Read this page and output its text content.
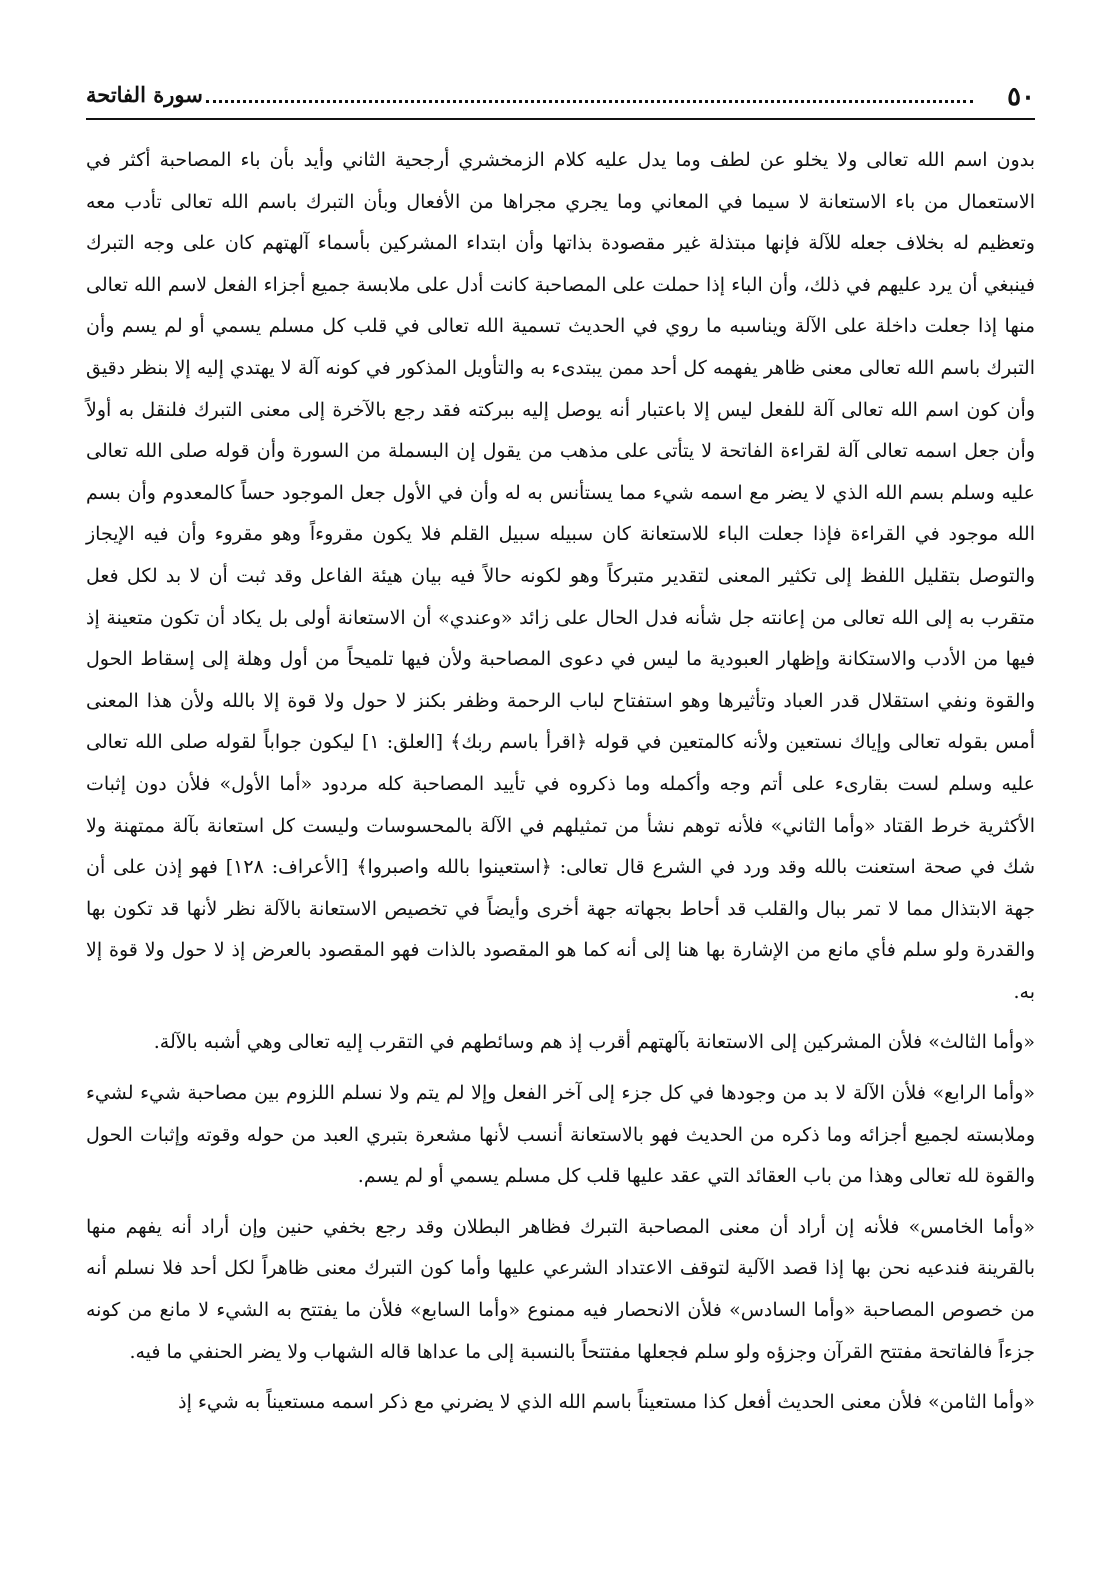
٥٠
سورة الفاتحة

بدون اسم الله تعالى ولا يخلو عن لطف وما يدل عليه كلام الزمخشري أرجحية الثاني وأيد بأن باء المصاحبة أكثر في الاستعمال من باء الاستعانة لا سيما في المعاني وما يجري مجراها من الأفعال وبأن التبرك باسم الله تعالى تأدب معه وتعظيم له بخلاف جعله للآلة فإنها مبتذلة غير مقصودة بذاتها وأن ابتداء المشركين بأسماء آلهتهم كان على وجه التبرك فينبغي أن يرد عليهم في ذلك، وأن الباء إذا حملت على المصاحبة كانت أدل على ملابسة جميع أجزاء الفعل لاسم الله تعالى منها إذا جعلت داخلة على الآلة ويناسبه ما روي في الحديث تسمية الله تعالى في قلب كل مسلم يسمي أو لم يسم وأن التبرك باسم الله تعالى معنى ظاهر يفهمه كل أحد ممن يبتدىء به والتأويل المذكور في كونه آلة لا يهتدي إليه إلا بنظر دقيق وأن كون اسم الله تعالى آلة للفعل ليس إلا باعتبار أنه يوصل إليه ببركته فقد رجع بالآخرة إلى معنى التبرك فلنقل به أولاً وأن جعل اسمه تعالى آلة لقراءة الفاتحة لا يتأتى على مذهب من يقول إن البسملة من السورة وأن قوله صلى الله تعالى عليه وسلم بسم الله الذي لا يضر مع اسمه شيء مما يستأنس به له وأن في الأول جعل الموجود حساً كالمعدوم وأن بسم الله موجود في القراءة فإذا جعلت الباء للاستعانة كان سبيله سبيل القلم فلا يكون مقروءاً وهو مقروء وأن فيه الإيجاز والتوصل بتقليل اللفظ إلى تكثير المعنى لتقدير متبركاً وهو لكونه حالاً فيه بيان هيئة الفاعل وقد ثبت أن لا بد لكل فعل متقرب به إلى الله تعالى من إعانته جل شأنه فدل الحال على زائد «وعندي» أن الاستعانة أولى بل يكاد أن تكون متعينة إذ فيها من الأدب والاستكانة وإظهار العبودية ما ليس في دعوى المصاحبة ولأن فيها تلميحاً من أول وهلة إلى إسقاط الحول والقوة ونفي استقلال قدر العباد وتأثيرها وهو استفتاح لباب الرحمة وظفر بكنز لا حول ولا قوة إلا بالله ولأن هذا المعنى أمس بقوله تعالى وإياك نستعين ولأنه كالمتعين في قوله ﴿اقرأ باسم ربك﴾ [العلق: ١] ليكون جواباً لقوله صلى الله تعالى عليه وسلم لست بقارىء على أتم وجه وأكمله وما ذكروه في تأييد المصاحبة كله مردود «أما الأول» فلأن دون إثبات الأكثرية خرط القتاد «وأما الثاني» فلأنه توهم نشأ من تمثيلهم في الآلة بالمحسوسات وليست كل استعانة بآلة ممتهنة ولا شك في صحة استعنت بالله وقد ورد في الشرع قال تعالى: ﴿استعينوا بالله واصبروا﴾ [الأعراف: ١٢٨] فهو إذن على أن جهة الابتذال مما لا تمر ببال والقلب قد أحاط بجهاته جهة أخرى وأيضاً في تخصيص الاستعانة بالآلة نظر لأنها قد تكون بها والقدرة ولو سلم فأي مانع من الإشارة بها هنا إلى أنه كما هو المقصود بالذات فهو المقصود بالعرض إذ لا حول ولا قوة إلا به.

«وأما الثالث» فلأن المشركين إلى الاستعانة بآلهتهم أقرب إذ هم وسائطهم في التقرب إليه تعالى وهي أشبه بالآلة.

«وأما الرابع» فلأن الآلة لا بد من وجودها في كل جزء إلى آخر الفعل وإلا لم يتم ولا نسلم اللزوم بين مصاحبة شيء لشيء وملابسته لجميع أجزائه وما ذكره من الحديث فهو بالاستعانة أنسب لأنها مشعرة بتبري العبد من حوله وقوته وإثبات الحول والقوة لله تعالى وهذا من باب العقائد التي عقد عليها قلب كل مسلم يسمي أو لم يسم.

«وأما الخامس» فلأنه إن أراد أن معنى المصاحبة التبرك فظاهر البطلان وقد رجع بخفي حنين وإن أراد أنه يفهم منها بالقرينة فندعيه نحن بها إذا قصد الآلية لتوقف الاعتداد الشرعي عليها وأما كون التبرك معنى ظاهراً لكل أحد فلا نسلم أنه من خصوص المصاحبة «وأما السادس» فلأن الانحصار فيه ممنوع «وأما السابع» فلأن ما يفتتح به الشيء لا مانع من كونه جزءاً فالفاتحة مفتتح القرآن وجزؤه ولو سلم فجعلها مفتتحاً بالنسبة إلى ما عداها قاله الشهاب ولا يضر الحنفي ما فيه.

«وأما الثامن» فلأن معنى الحديث أفعل كذا مستعيناً باسم الله الذي لا يضرني مع ذكر اسمه مستعيناً به شيء إذ
